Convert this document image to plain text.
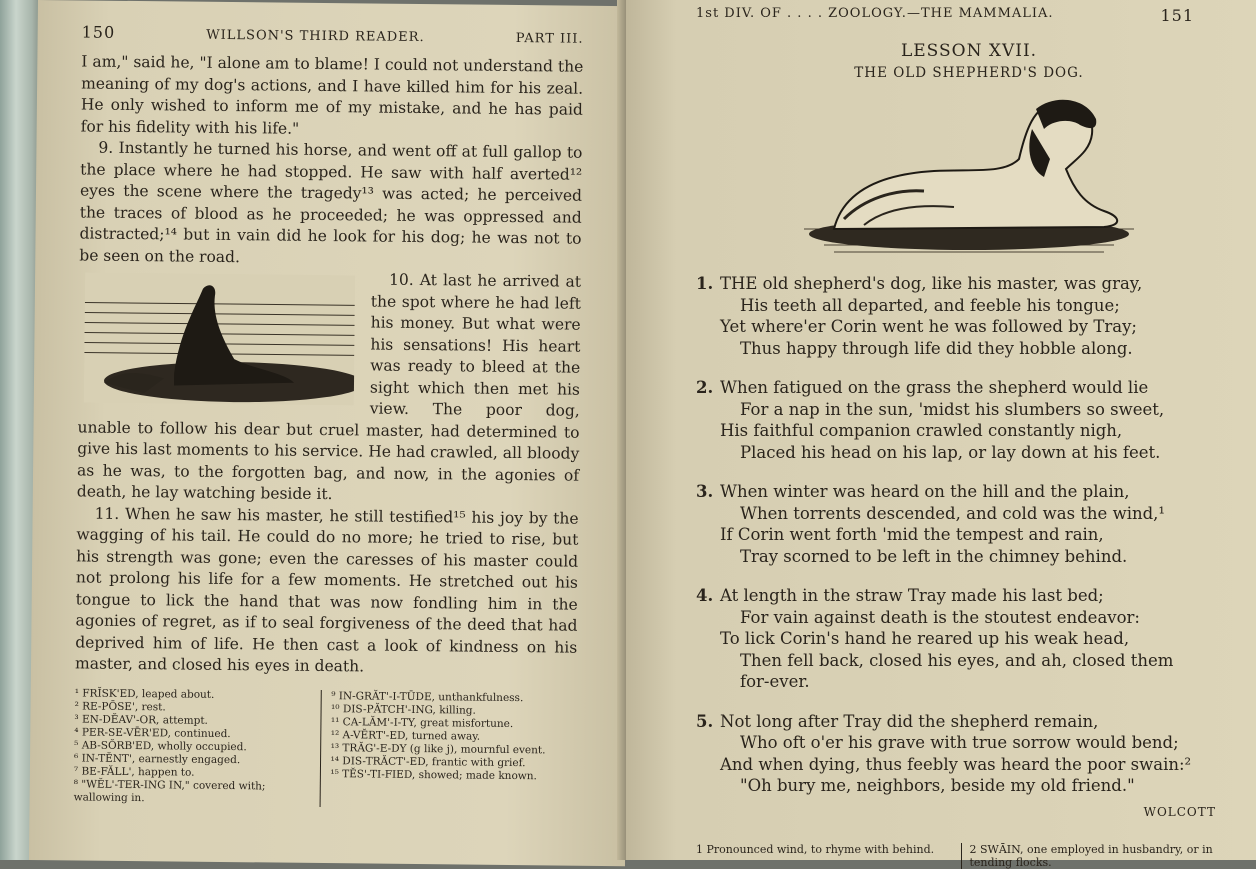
150	WILLSON'S THIRD READER.	PART III.

I am," said he, "I alone am to blame! I could not understand the meaning of my dog's actions, and I have killed him for his zeal. He only wished to inform me of my mistake, and he has paid for his fidelity with his life."

9. Instantly he turned his horse, and went off at full gallop to the place where he had stopped. He saw with half averted¹² eyes the scene where the tragedy¹³ was acted; he perceived the traces of blood as he proceeded; he was oppressed and distracted;¹⁴ but in vain did he look for his dog; he was not to be seen on the road.

10. At last he arrived at the spot where he had left his money. But what were his sensations! His heart was ready to bleed at the sight which then met his view. The poor dog, unable to follow his dear but cruel master, had determined to give his last moments to his service. He had crawled, all bloody as he was, to the forgotten bag, and now, in the agonies of death, he lay watching beside it.

11. When he saw his master, he still testified¹⁵ his joy by the wagging of his tail. He could do no more; he tried to rise, but his strength was gone; even the caresses of his master could not prolong his life for a few moments. He stretched out his tongue to lick the hand that was now fondling him in the agonies of regret, as if to seal forgiveness of the deed that had deprived him of life. He then cast a look of kindness on his master, and closed his eyes in death.

¹ FRĬSK'ED, leaped about.
² RE-PŌSE', rest.
³ EN-DĔAV'-OR, attempt.
⁴ PER-SE-VĒR'ED, continued.
⁵ AB-SŎRB'ED, wholly occupied.
⁶ IN-TĔNT', earnestly engaged.
⁷ BE-FĂLL', happen to.
⁸ "WĔL'-TER-ING IN," covered with; wallowing in.
⁹ IN-GRĂT'-I-TŪDE, unthankfulness.
¹⁰ DIS-PĂTCH'-ING, killing.
¹¹ CA-LĂM'-I-TY, great misfortune.
¹² A-VĔRT'-ED, turned away.
¹³ TRĂG'-E-DY (g like j), mournful event.
¹⁴ DIS-TRĂCT'-ED, frantic with grief.
¹⁵ TĔS'-TI-FIED, showed; made known.
1st DIV. OF . . . . ZOOLOGY.—THE MAMMALIA.	151
LESSON XVII.
THE OLD SHEPHERD'S DOG.
1. THE old shepherd's dog, like his master, was gray,
His teeth all departed, and feeble his tongue;
Yet where'er Corin went he was followed by Tray;
Thus happy through life did they hobble along.
2. When fatigued on the grass the shepherd would lie
For a nap in the sun, 'midst his slumbers so sweet,
His faithful companion crawled constantly nigh,
Placed his head on his lap, or lay down at his feet.
3. When winter was heard on the hill and the plain,
When torrents descended, and cold was the wind,¹
If Corin went forth 'mid the tempest and rain,
Tray scorned to be left in the chimney behind.
4. At length in the straw Tray made his last bed;
For vain against death is the stoutest endeavor:
To lick Corin's hand he reared up his weak head,
Then fell back, closed his eyes, and ah, closed them for-ever.
5. Not long after Tray did the shepherd remain,
Who oft o'er his grave with true sorrow would bend;
And when dying, thus feebly was heard the poor swain:²
"Oh bury me, neighbors, beside my old friend."
WOLCOTT
1 Pronounced wind, to rhyme with behind.	2 SWĀIN, one employed in husbandry, or in tending flocks.
